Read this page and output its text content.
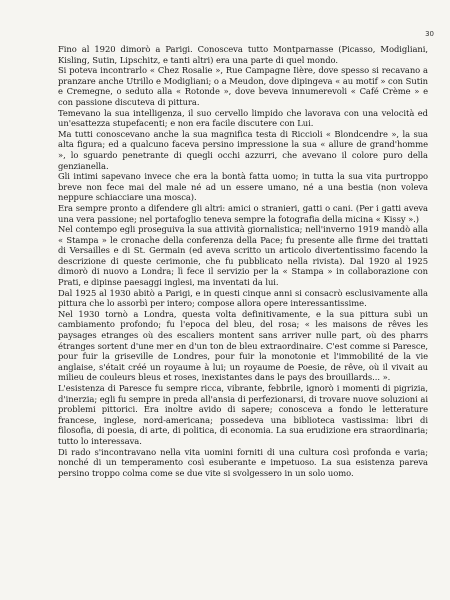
30

Fino al 1920 dimorò a Parigi. Conosceva tutto Montparnasse (Picasso, Modigliani, Kisling, Sutin, Lipschitz, e tanti altri) era una parte di quel mondo.

Si poteva incontrarlo « Chez Rosalie », Rue Campagne Iière, dove spesso si recavano a pranzare anche Utrillo e Modigliani; o a Meudon, dove dipingeva « au motif » con Sutin e Cremegne, o seduto alla « Rotonde », dove beveva innumerevoli « Café Crème » e con passione discuteva di pittura.

Temevano la sua intelligenza, il suo cervello limpido che lavorava con una velocità ed un'esattezza stupefacenti; e non era facile discutere con Lui.

Ma tutti conoscevano anche la sua magnifica testa di Riccioli « Blondcendre », la sua alta figura; ed a qualcuno faceva persino impressione la sua « allure de grand'homme », lo sguardo penetrante di quegli occhi azzurri, che avevano il colore puro della genzianella.

Gli intimi sapevano invece che era la bontà fatta uomo; in tutta la sua vita purtroppo breve non fece mai del male né ad un essere umano, né a una bestia (non voleva neppure schiacciare una mosca).

Era sempre pronto a difendere gli altri: amici o stranieri, gatti o cani. (Per i gatti aveva una vera passione; nel portafoglio teneva sempre la fotografia della micina « Kissy ».)

Nel contempo egli proseguiva la sua attività giornalistica; nell'inverno 1919 mandò alla « Stampa » le cronache della conferenza della Pace; fu presente alle firme dei trattati di Versailles e di St. Germain (ed aveva scritto un articolo divertentissimo facendo la descrizione di queste cerimonie, che fu pubblicato nella rivista). Dal 1920 al 1925 dimorò di nuovo a Londra; lì fece il servizio per la « Stampa » in collaborazione con Prati, e dipinse paesaggi inglesi, ma inventati da lui.

Dal 1925 al 1930 abitò a Parigi, e in questi cinque anni si consacrò esclusivamente alla pittura che lo assorbì per intero; compose allora opere interessantissime.

Nel 1930 tornò a Londra, questa volta definitivamente, e la sua pittura subì un cambiamento profondo; fu l'epoca del bleu, del rosa; « les maisons de rêves les paysages etranges où des escaliers montent sans arriver nulle part, où des pharrs étranges sortent d'une mer en d'un ton de bleu extraordinaire. C'est comme si Paresce, pour fuir la griseville de Londres, pour fuir la monotonie et l'immobilité de la vie anglaise, s'était créé un royaume à lui; un royaume de Poesie, de rêve, où il vivait au milieu de couleurs bleus et roses, inexistantes dans le pays des brouillards... ».

L'esistenza di Paresce fu sempre ricca, vibrante, febbrile, ignorò i momenti di pigrizia, d'inerzia; egli fu sempre in preda all'ansia di perfezionarsi, di trovare nuove soluzioni ai problemi pittorici. Era inoltre avido di sapere; conosceva a fondo le letterature francese, inglese, nord-americana; possedeva una biblioteca vastissima: libri di filosofia, di poesia, di arte, di politica, di economia. La sua erudizione era straordinaria; tutto lo interessava.

Di rado s'incontravano nella vita uomini forniti di una cultura così profonda e varia; nonché di un temperamento così esuberante e impetuoso. La sua esistenza pareva persino troppo colma come se due vite si svolgessero in un solo uomo.
